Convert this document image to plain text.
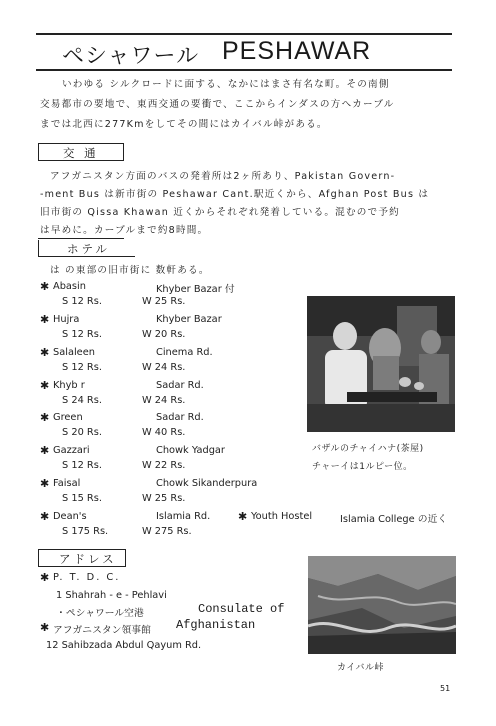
ペシャワール PESHAWAR
いわゆる シルクロードに面する、なかにはまさ有名な町。その南側
交易都市の要地で、東西交通の要衝で、ここからインダスの方へカーブル
までは北西に277Kmをしてその間にはカイバル峠がある。
交 通
アフガニスタン方面のバスの発着所は2ヶ所あり、Pakistan Govern-
-ment Bus は新市街の Peshawar Cant.駅近くから、Afghan Post Bus は
旧市街の Qissa Khawan 近くからそれぞれ発着している。混むので予約
は早めに。カーブルまで約8時間。
ホテル
は の東部の旧市街に 数軒ある。
✱ Abasin	Khyber Bazar 付
S 12 Rs.	W 25 Rs.
✱ Hujra	Khyber Bazar
S 12 Rs.	W 20 Rs.
✱ Salaleen	Cinema Rd.
S 12 Rs.	W 24 Rs.
✱ Khyb r	Sadar Rd.
S 24 Rs.	W 24 Rs.
✱ Green	Sadar Rd.
S 20 Rs.	W 40 Rs.
✱ Gazzari	Chowk Yadgar
S 12 Rs.	W 22 Rs.
✱ Faisal	Chowk Sikanderpura
S 15 Rs.	W 25 Rs.
✱ Dean's	Islamia Rd.
S 175 Rs.	W 275 Rs.
✱ Youth Hostel	Islamia College の近く
バザルのチャイハナ(茶屋)
チャーイは1ルピー位。
アドレス
✱ P. T. D. C.
1 Shahrah - e - Pehlavi
・ペシャワール空港	Consulate of
✱ アフガニスタン領事館 Afghanistan
12 Sahibzada Abdul Qayum Rd.
カイバル峠
51
